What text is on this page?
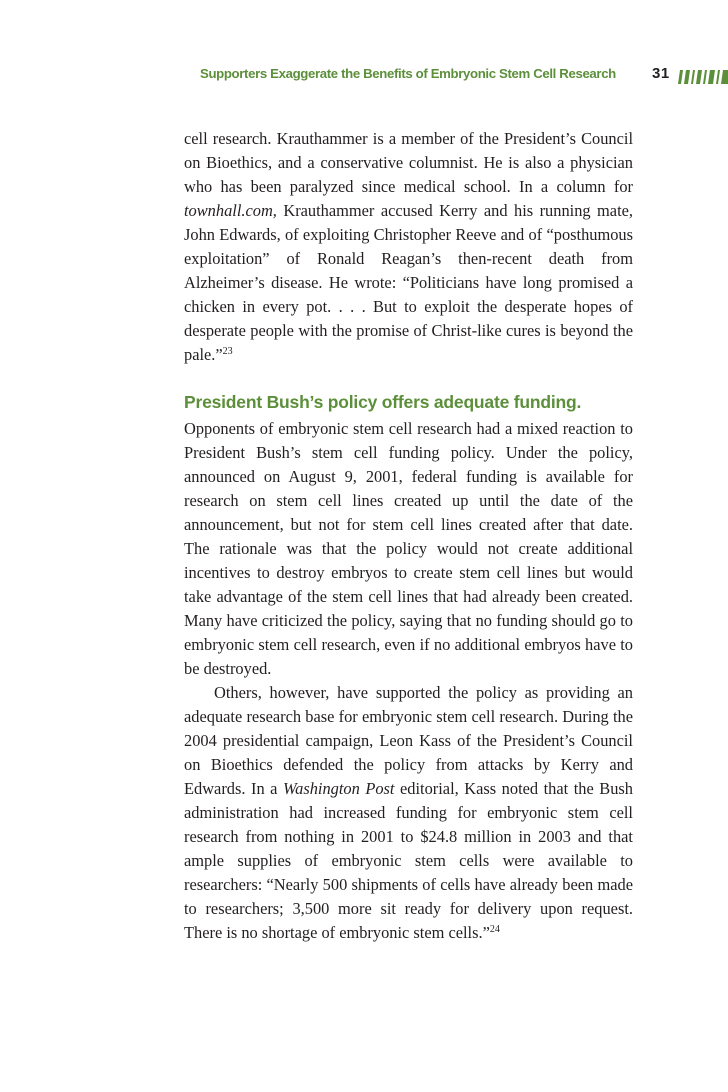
Supporters Exaggerate the Benefits of Embryonic Stem Cell Research 31

cell research. Krauthammer is a member of the President’s Council on Bioethics, and a conservative columnist. He is also a physician who has been paralyzed since medical school. In a column for townhall.com, Krauthammer accused Kerry and his running mate, John Edwards, of exploiting Christopher Reeve and of “posthumous exploitation” of Ronald Reagan’s then-recent death from Alzheimer’s disease. He wrote: “Politicians have long promised a chicken in every pot. . . . But to exploit the desperate hopes of desperate people with the promise of Christ-like cures is beyond the pale.”$^{23}$

President Bush’s policy offers adequate funding.

Opponents of embryonic stem cell research had a mixed reaction to President Bush’s stem cell funding policy. Under the policy, announced on August 9, 2001, federal funding is available for research on stem cell lines created up until the date of the announcement, but not for stem cell lines created after that date. The rationale was that the policy would not create additional incentives to destroy embryos to create stem cell lines but would take advantage of the stem cell lines that had already been created. Many have criticized the policy, saying that no funding should go to embryonic stem cell research, even if no additional embryos have to be destroyed.

Others, however, have supported the policy as providing an adequate research base for embryonic stem cell research. During the 2004 presidential campaign, Leon Kass of the President’s Council on Bioethics defended the policy from attacks by Kerry and Edwards. In a Washington Post editorial, Kass noted that the Bush administration had increased funding for embryonic stem cell research from nothing in 2001 to $24.8 million in 2003 and that ample supplies of embryonic stem cells were available to researchers: “Nearly 500 shipments of cells have already been made to researchers; 3,500 more sit ready for delivery upon request. There is no shortage of embryonic stem cells.”$^{24}$
